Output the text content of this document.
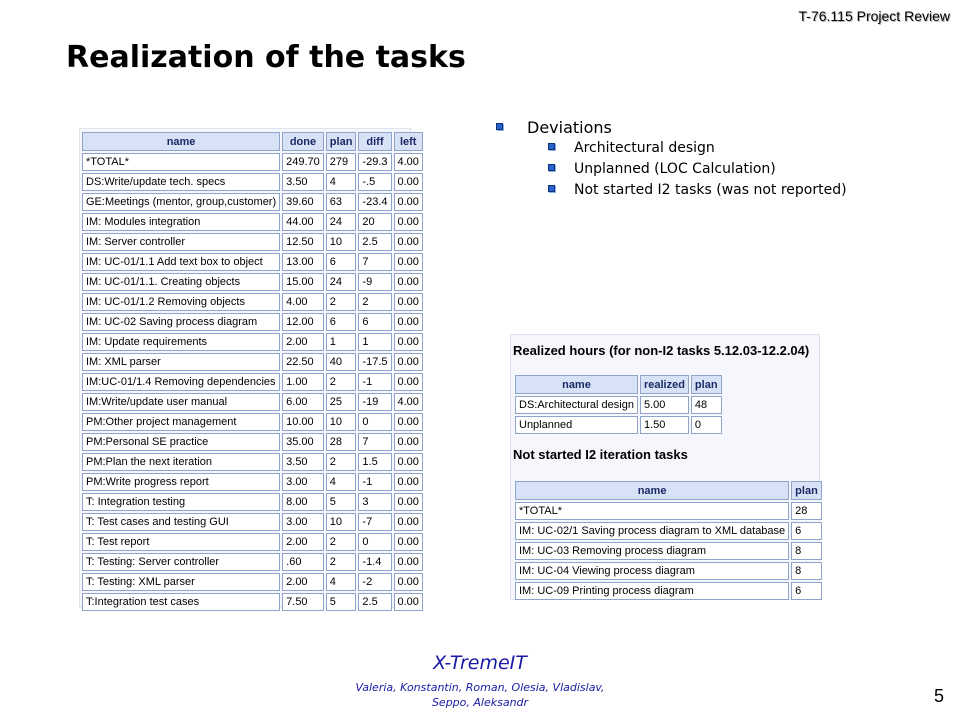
T-76.115 Project Review
Realization of the tasks
name	done	plan	diff	left
*TOTAL*	249.70	279	-29.3	4.00
DS:Write/update tech. specs	3.50	4	-.5	0.00
GE:Meetings (mentor, group,customer)	39.60	63	-23.4	0.00
IM: Modules integration	44.00	24	20	0.00
IM: Server controller	12.50	10	2.5	0.00
IM: UC-01/1.1 Add text box to object	13.00	6	7	0.00
IM: UC-01/1.1. Creating objects	15.00	24	-9	0.00
IM: UC-01/1.2 Removing objects	4.00	2	2	0.00
IM: UC-02 Saving process diagram	12.00	6	6	0.00
IM: Update requirements	2.00	1	1	0.00
IM: XML parser	22.50	40	-17.5	0.00
IM:UC-01/1.4 Removing dependencies	1.00	2	-1	0.00
IM:Write/update user manual	6.00	25	-19	4.00
PM:Other project management	10.00	10	0	0.00
PM:Personal SE practice	35.00	28	7	0.00
PM:Plan the next iteration	3.50	2	1.5	0.00
PM:Write progress report	3.00	4	-1	0.00
T: Integration testing	8.00	5	3	0.00
T: Test cases and testing GUI	3.00	10	-7	0.00
T: Test report	2.00	2	0	0.00
T: Testing: Server controller	.60	2	-1.4	0.00
T: Testing: XML parser	2.00	4	-2	0.00
T:Integration test cases	7.50	5	2.5	0.00
Deviations
Architectural design
Unplanned (LOC Calculation)
Not started I2 tasks (was not reported)
Realized hours (for non-I2 tasks 5.12.03-12.2.04)
name	realized	plan
DS:Architectural design	5.00	48
Unplanned	1.50	0
Not started I2 iteration tasks
name	plan
*TOTAL*	28
IM: UC-02/1 Saving process diagram to XML database	6
IM: UC-03 Removing process diagram	8
IM: UC-04 Viewing process diagram	8
IM: UC-09 Printing process diagram	6
X-TremeIT
Valeria, Konstantin, Roman, Olesia, Vladislav,
Seppo, Aleksandr	5
